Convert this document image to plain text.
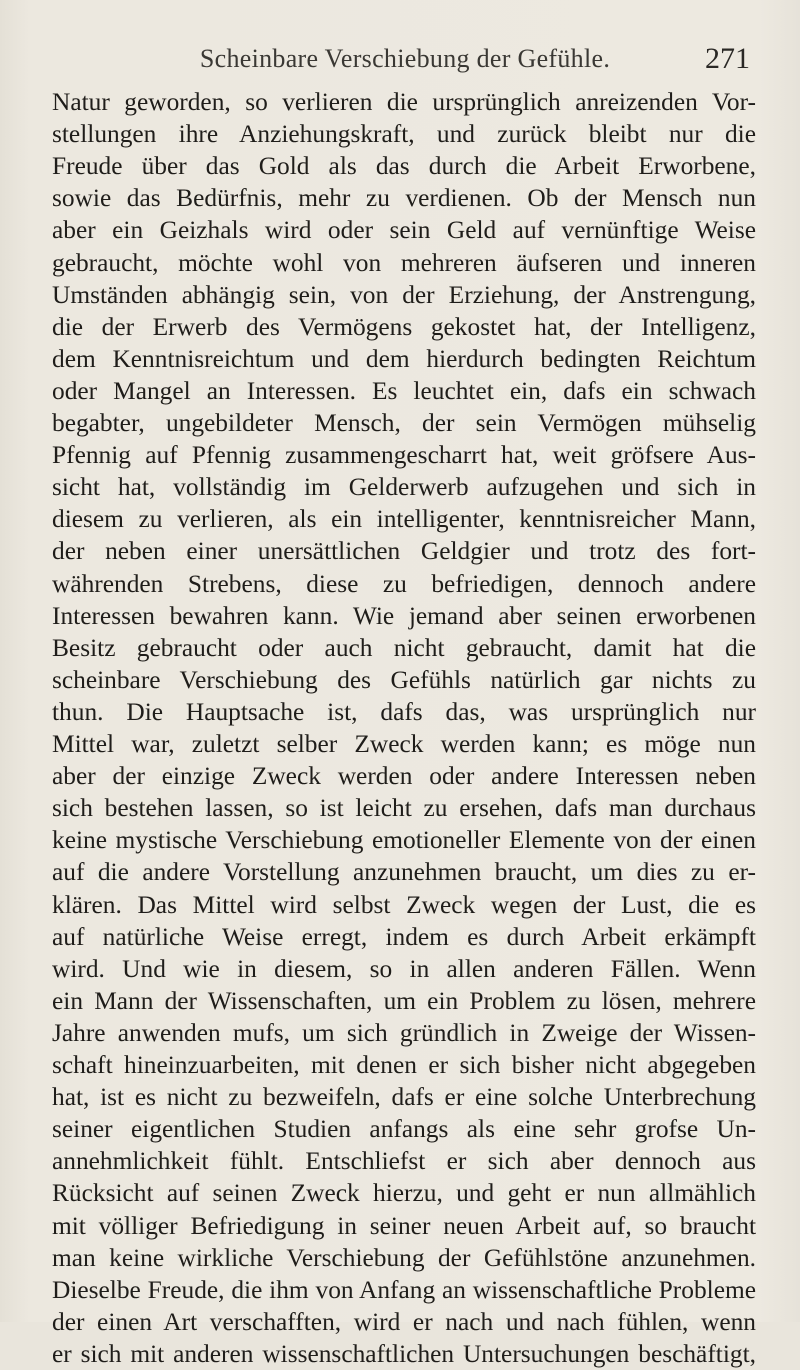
Scheinbare Verschiebung der Gefühle.	271
Natur geworden, so verlieren die ursprünglich anreizenden Vor-
stellungen ihre Anziehungskraft, und zurück bleibt nur die
Freude über das Gold als das durch die Arbeit Erworbene,
sowie das Bedürfnis, mehr zu verdienen. Ob der Mensch nun
aber ein Geizhals wird oder sein Geld auf vernünftige Weise
gebraucht, möchte wohl von mehreren äufseren und inneren
Umständen abhängig sein, von der Erziehung, der Anstrengung,
die der Erwerb des Vermögens gekostet hat, der Intelligenz,
dem Kenntnisreichtum und dem hierdurch bedingten Reichtum
oder Mangel an Interessen. Es leuchtet ein, dafs ein schwach
begabter, ungebildeter Mensch, der sein Vermögen mühselig
Pfennig auf Pfennig zusammengescharrt hat, weit gröfsere Aus-
sicht hat, vollständig im Gelderwerb aufzugehen und sich in
diesem zu verlieren, als ein intelligenter, kenntnisreicher Mann,
der neben einer unersättlichen Geldgier und trotz des fort-
währenden Strebens, diese zu befriedigen, dennoch andere
Interessen bewahren kann. Wie jemand aber seinen erworbenen
Besitz gebraucht oder auch nicht gebraucht, damit hat die
scheinbare Verschiebung des Gefühls natürlich gar nichts zu
thun. Die Hauptsache ist, dafs das, was ursprünglich nur
Mittel war, zuletzt selber Zweck werden kann; es möge nun
aber der einzige Zweck werden oder andere Interessen neben
sich bestehen lassen, so ist leicht zu ersehen, dafs man durchaus
keine mystische Verschiebung emotioneller Elemente von der einen
auf die andere Vorstellung anzunehmen braucht, um dies zu er-
klären. Das Mittel wird selbst Zweck wegen der Lust, die es
auf natürliche Weise erregt, indem es durch Arbeit erkämpft
wird. Und wie in diesem, so in allen anderen Fällen. Wenn
ein Mann der Wissenschaften, um ein Problem zu lösen, mehrere
Jahre anwenden mufs, um sich gründlich in Zweige der Wissen-
schaft hineinzuarbeiten, mit denen er sich bisher nicht abgegeben
hat, ist es nicht zu bezweifeln, dafs er eine solche Unterbrechung
seiner eigentlichen Studien anfangs als eine sehr grofse Un-
annehmlichkeit fühlt. Entschliefst er sich aber dennoch aus
Rücksicht auf seinen Zweck hierzu, und geht er nun allmählich
mit völliger Befriedigung in seiner neuen Arbeit auf, so braucht
man keine wirkliche Verschiebung der Gefühlstöne anzunehmen.
Dieselbe Freude, die ihm von Anfang an wissenschaftliche Probleme
der einen Art verschafften, wird er nach und nach fühlen, wenn
er sich mit anderen wissenschaftlichen Untersuchungen beschäftigt,
